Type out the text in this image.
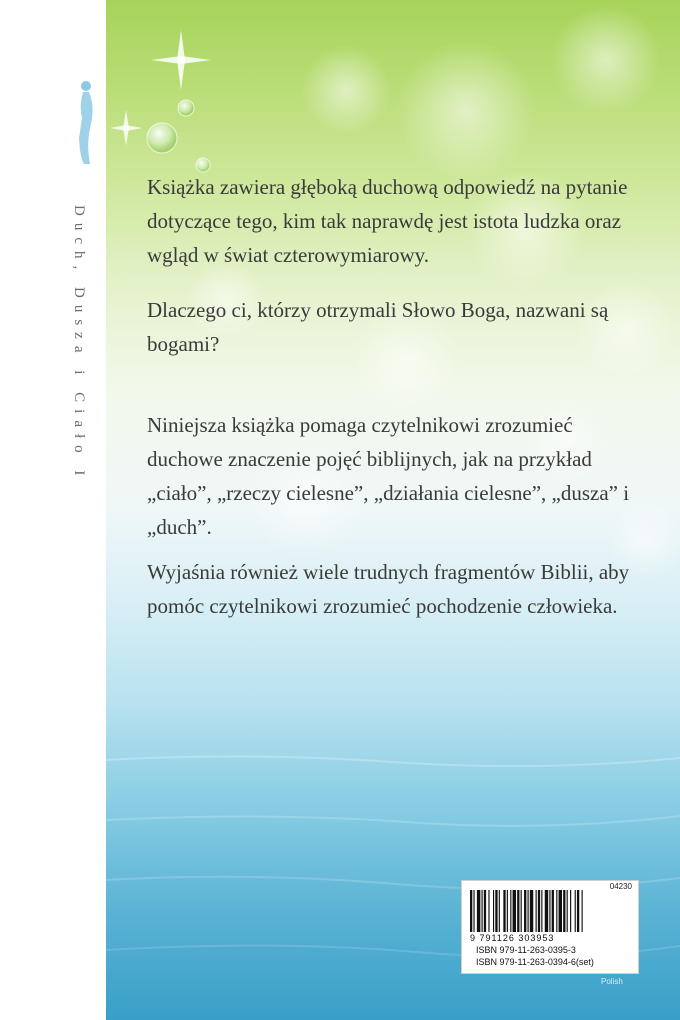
Duch, Dusza i Ciało I

Książka zawiera głęboką duchową odpowiedź na pytanie dotyczące tego, kim tak naprawdę jest istota ludzka oraz wgląd w świat czterowymiarowy.

Dlaczego ci, którzy otrzymali Słowo Boga, nazwani są bogami?

Niniejsza książka pomaga czytelnikowi zrozumieć duchowe znaczenie pojęć biblijnych, jak na przykład „ciało”, „rzeczy cielesne”, „działania cielesne”, „dusza” i „duch”.

Wyjaśnia również wiele trudnych fragmentów Biblii, aby pomóc czytelnikowi zrozumieć pochodzenie człowieka.

04230
9 791126 303953
ISBN 979-11-263-0395-3
ISBN 979-11-263-0394-6(set)
Polish
